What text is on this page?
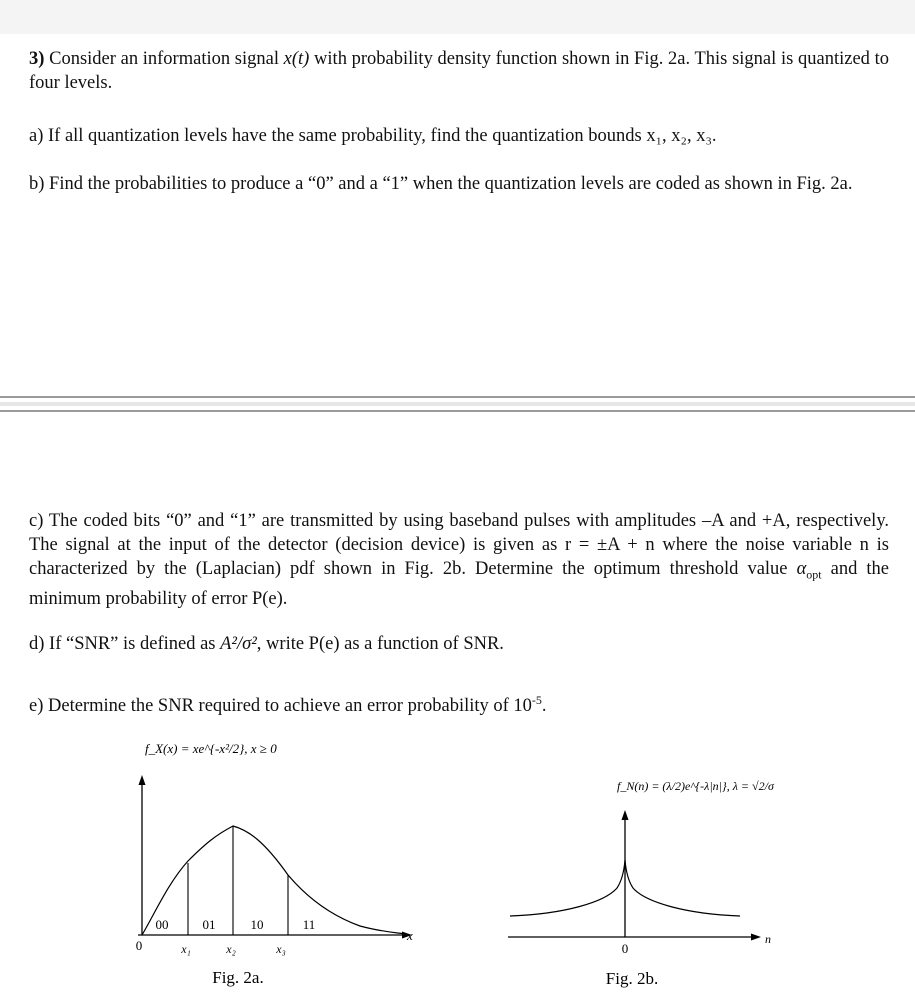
3) Consider an information signal x(t) with probability density function shown in Fig. 2a. This signal is quantized to four levels.

a) If all quantization levels have the same probability, find the quantization bounds x₁, x₂, x₃.

b) Find the probabilities to produce a “0” and a “1” when the quantization levels are coded as shown in Fig. 2a.

c) The coded bits “0” and “1” are transmitted by using baseband pulses with amplitudes –A and +A, respectively. The signal at the input of the detector (decision device) is given as r = ±A + n where the noise variable n is characterized by the (Laplacian) pdf shown in Fig. 2b. Determine the optimum threshold value $\alpha_{opt}$ and the minimum probability of error P(e).

d) If “SNR” is defined as A²/σ², write P(e) as a function of SNR.

e) Determine the SNR required to achieve an error probability of $10^{-5}$.

f_X(x) = xe^{-x²/2}, x ≥ 0
00	01	10	11
0	x₁	x₂	x₃
x
Fig. 2a.
f_N(n) = (λ/2)e^{-λ|n|}, λ = √2/σ
0
n
Fig. 2b.
